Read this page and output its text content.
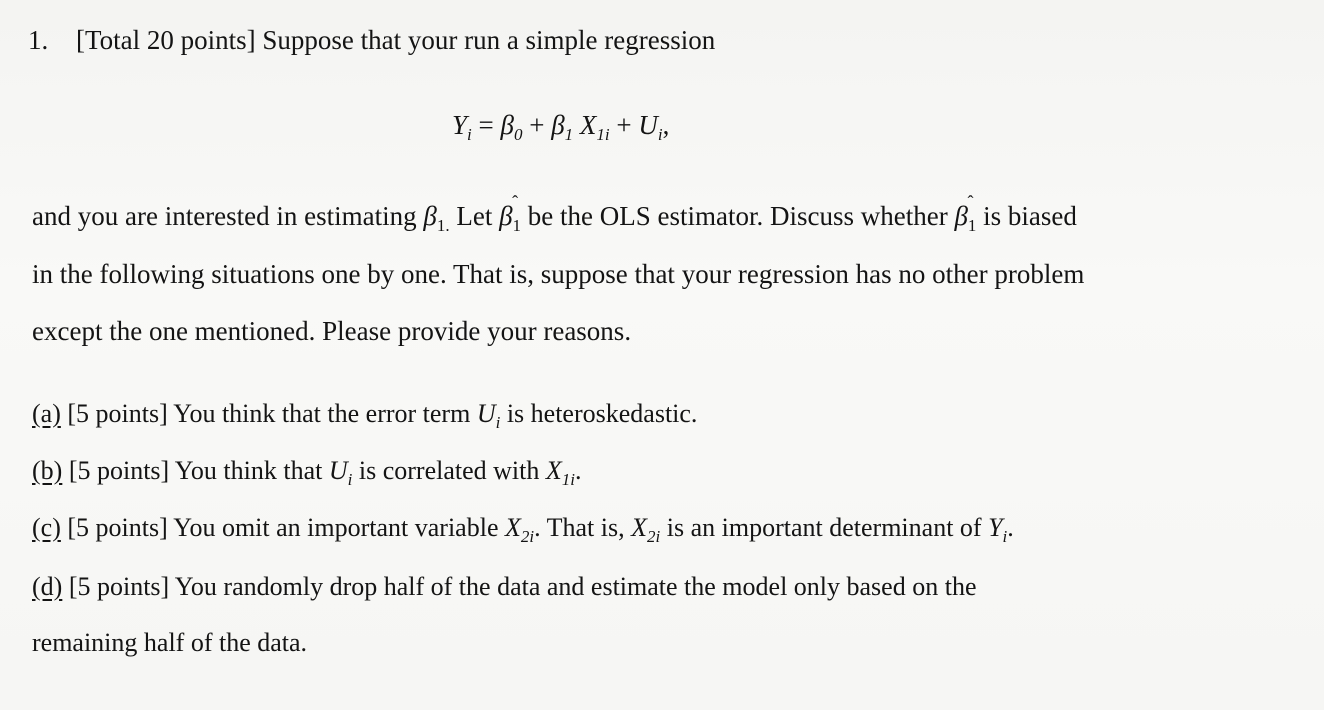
1. [Total 20 points] Suppose that your run a simple regression
$Y_i = \beta_0 + \beta_1$ $X_{1i} + U_i$,
and you are interested in estimating $\beta_{1.}$ Let β ˆ
$_1$ be the OLS estimator. Discuss whether β ˆ
$_1$ is biased
in the following situations one by one. That is, suppose that your regression has no other problem
except the one mentioned. Please provide your reasons.
(a) [5 points] You think that the error term $U_i$ is heteroskedastic.
(b) [5 points] You think that $U_i$ is correlated with $X_{1i}$.
(c) [5 points] You omit an important variable $X_{2i}$. That is, $X_{2i}$ is an important determinant of $Y_i$.
(d) [5 points] You randomly drop half of the data and estimate the model only based on the
remaining half of the data.
